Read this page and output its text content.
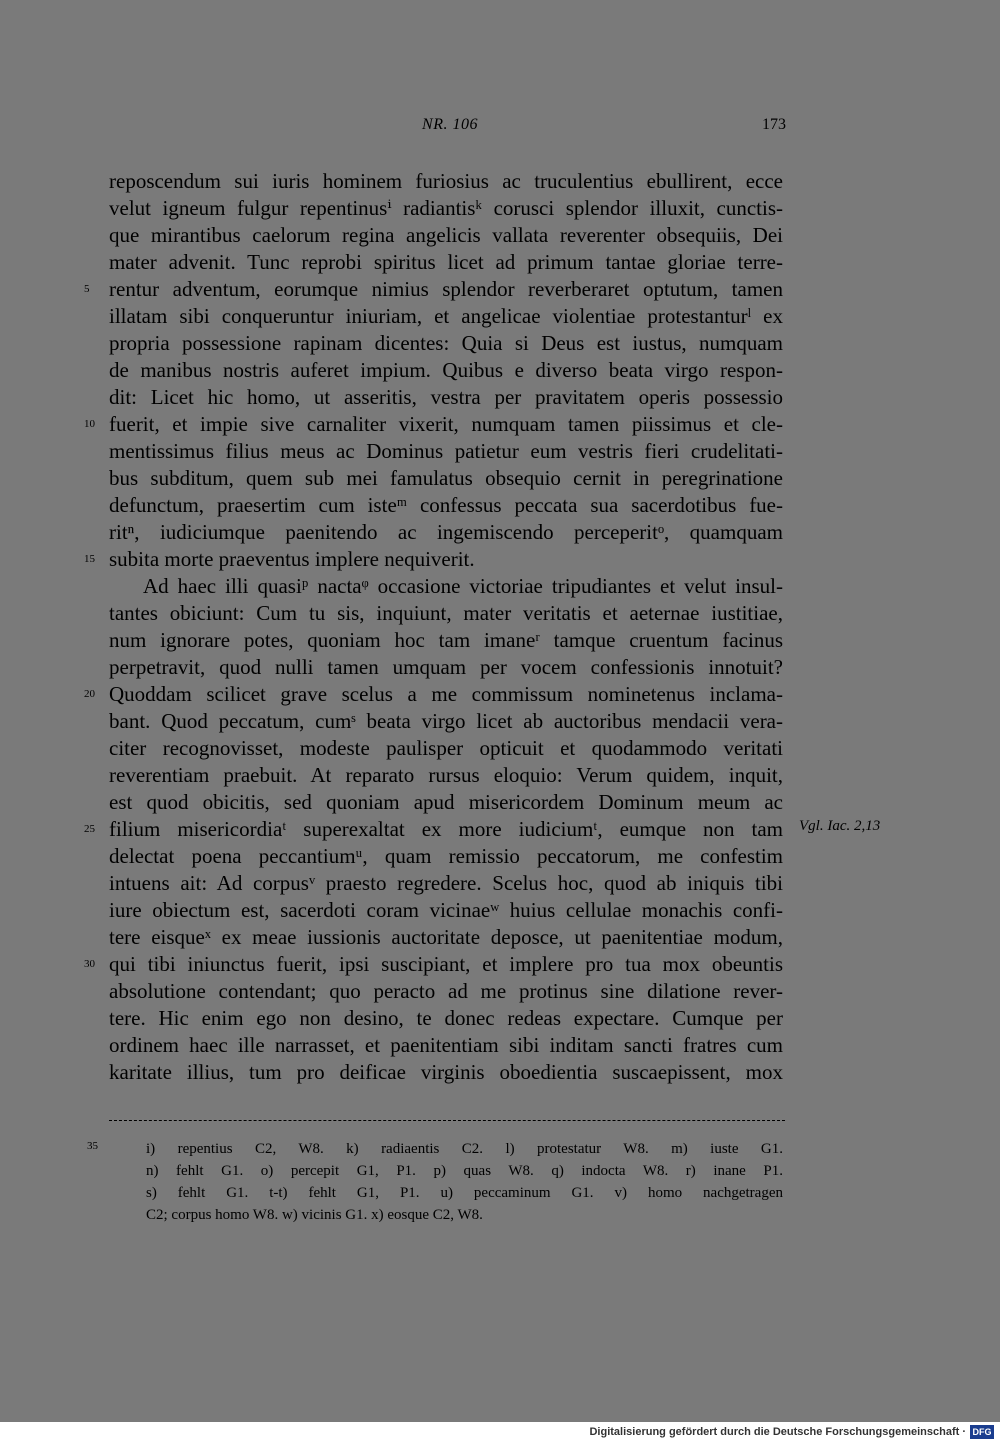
NR. 106	173
reposcendum sui iuris hominem furiosius ac truculentius ebullirent, ecce
velut igneum fulgur repentinusⁱ radiantisᵏ corusci splendor illuxit, cunctis-
que mirantibus caelorum regina angelicis vallata reverenter obsequiis, Dei
mater advenit. Tunc reprobi spiritus licet ad primum tantae gloriae terre-
rentur adventum, eorumque nimius splendor reverberaret optutum, tamen
illatam sibi conqueruntur iniuriam, et angelicae violentiae protestanturˡ ex
propria possessione rapinam dicentes: Quia si Deus est iustus, numquam
de manibus nostris auferet impium. Quibus e diverso beata virgo respon-
dit: Licet hic homo, ut asseritis, vestra per pravitatem operis possessio
fuerit, et impie sive carnaliter vixerit, numquam tamen piissimus et cle-
mentissimus filius meus ac Dominus patietur eum vestris fieri crudelitati-
bus subditum, quem sub mei famulatus obsequio cernit in peregrinatione
defunctum, praesertim cum isteᵐ confessus peccata sua sacerdotibus fue-
ritⁿ, iudiciumque paenitendo ac ingemiscendo perceperitᵒ, quamquam
subita morte praeventus implere nequiverit.
Ad haec illi quasiᵖ nactaᵠ occasione victoriae tripudiantes et velut insul-
tantes obiciunt: Cum tu sis, inquiunt, mater veritatis et aeternae iustitiae,
num ignorare potes, quoniam hoc tam imaneʳ tamque cruentum facinus
perpetravit, quod nulli tamen umquam per vocem confessionis innotuit?
Quoddam scilicet grave scelus a me commissum nominetenus inclama-
bant. Quod peccatum, cumˢ beata virgo licet ab auctoribus mendacii vera-
citer recognovisset, modeste paulisper opticuit et quodammodo veritati
reverentiam praebuit. At reparato rursus eloquio: Verum quidem, inquit,
est quod obicitis, sed quoniam apud misericordem Dominum meum ac
filium misericordiaᵗ superexaltat ex more iudiciumᵗ, eumque non tam
delectat poena peccantiumᵘ, quam remissio peccatorum, me confestim
intuens ait: Ad corpusᵛ praesto regredere. Scelus hoc, quod ab iniquis tibi
iure obiectum est, sacerdoti coram vicinaeʷ huius cellulae monachis confi-
tere eisqueˣ ex meae iussionis auctoritate deposce, ut paenitentiae modum,
qui tibi iniunctus fuerit, ipsi suscipiant, et implere pro tua mox obeuntis
absolutione contendant; quo peracto ad me protinus sine dilatione rever-
tere. Hic enim ego non desino, te donec redeas expectare. Cumque per
ordinem haec ille narrasset, et paenitentiam sibi inditam sancti fratres cum
karitate illius, tum pro deificae virginis oboedientia suscaepissent, mox
5
10
15
20
25
30
Vgl. Iac. 2,13
35	i) repentius C2, W8. k) radiaentis C2. l) protestatur W8. m) iuste G1.
n) fehlt G1. o) percepit G1, P1. p) quas W8. q) indocta W8. r) inane P1.
s) fehlt G1. t-t) fehlt G1, P1. u) peccaminum G1. v) homo nachgetragen
C2; corpus homo W8. w) vicinis G1. x) eosque C2, W8.
Digitalisierung gefördert durch die Deutsche Forschungsgemeinschaft · DFG
